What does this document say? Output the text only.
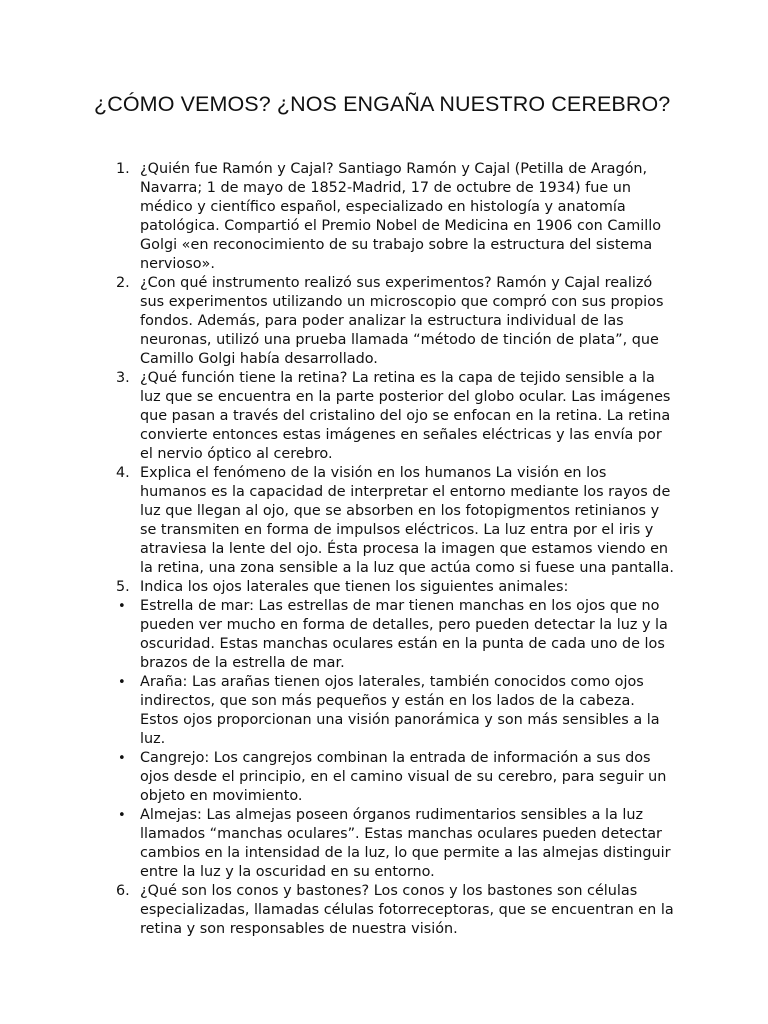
¿CÓMO VEMOS? ¿NOS ENGAÑA NUESTRO CEREBRO?
1. ¿Quién fue Ramón y Cajal? Santiago Ramón y Cajal (Petilla de Aragón, Navarra; 1 de mayo de 1852-Madrid, 17 de octubre de 1934) fue un médico y científico español, especializado en histología y anatomía patológica. Compartió el Premio Nobel de Medicina en 1906 con Camillo Golgi «en reconocimiento de su trabajo sobre la estructura del sistema nervioso».
2. ¿Con qué instrumento realizó sus experimentos? Ramón y Cajal realizó sus experimentos utilizando un microscopio que compró con sus propios fondos. Además, para poder analizar la estructura individual de las neuronas, utilizó una prueba llamada “método de tinción de plata”, que Camillo Golgi había desarrollado.
3. ¿Qué función tiene la retina? La retina es la capa de tejido sensible a la luz que se encuentra en la parte posterior del globo ocular. Las imágenes que pasan a través del cristalino del ojo se enfocan en la retina. La retina convierte entonces estas imágenes en señales eléctricas y las envía por el nervio óptico al cerebro.
4. Explica el fenómeno de la visión en los humanos La visión en los humanos es la capacidad de interpretar el entorno mediante los rayos de luz que llegan al ojo, que se absorben en los fotopigmentos retinianos y se transmiten en forma de impulsos eléctricos. La luz entra por el iris y atraviesa la lente del ojo. Ésta procesa la imagen que estamos viendo en la retina, una zona sensible a la luz que actúa como si fuese una pantalla.
5. Indica los ojos laterales que tienen los siguientes animales:
• Estrella de mar: Las estrellas de mar tienen manchas en los ojos que no pueden ver mucho en forma de detalles, pero pueden detectar la luz y la oscuridad. Estas manchas oculares están en la punta de cada uno de los brazos de la estrella de mar.
• Araña: Las arañas tienen ojos laterales, también conocidos como ojos indirectos, que son más pequeños y están en los lados de la cabeza. Estos ojos proporcionan una visión panorámica y son más sensibles a la luz.
• Cangrejo: Los cangrejos combinan la entrada de información a sus dos ojos desde el principio, en el camino visual de su cerebro, para seguir un objeto en movimiento.
• Almejas: Las almejas poseen órganos rudimentarios sensibles a la luz llamados “manchas oculares”. Estas manchas oculares pueden detectar cambios en la intensidad de la luz, lo que permite a las almejas distinguir entre la luz y la oscuridad en su entorno.
6. ¿Qué son los conos y bastones? Los conos y los bastones son células especializadas, llamadas células fotorreceptoras, que se encuentran en la retina y son responsables de nuestra visión.
